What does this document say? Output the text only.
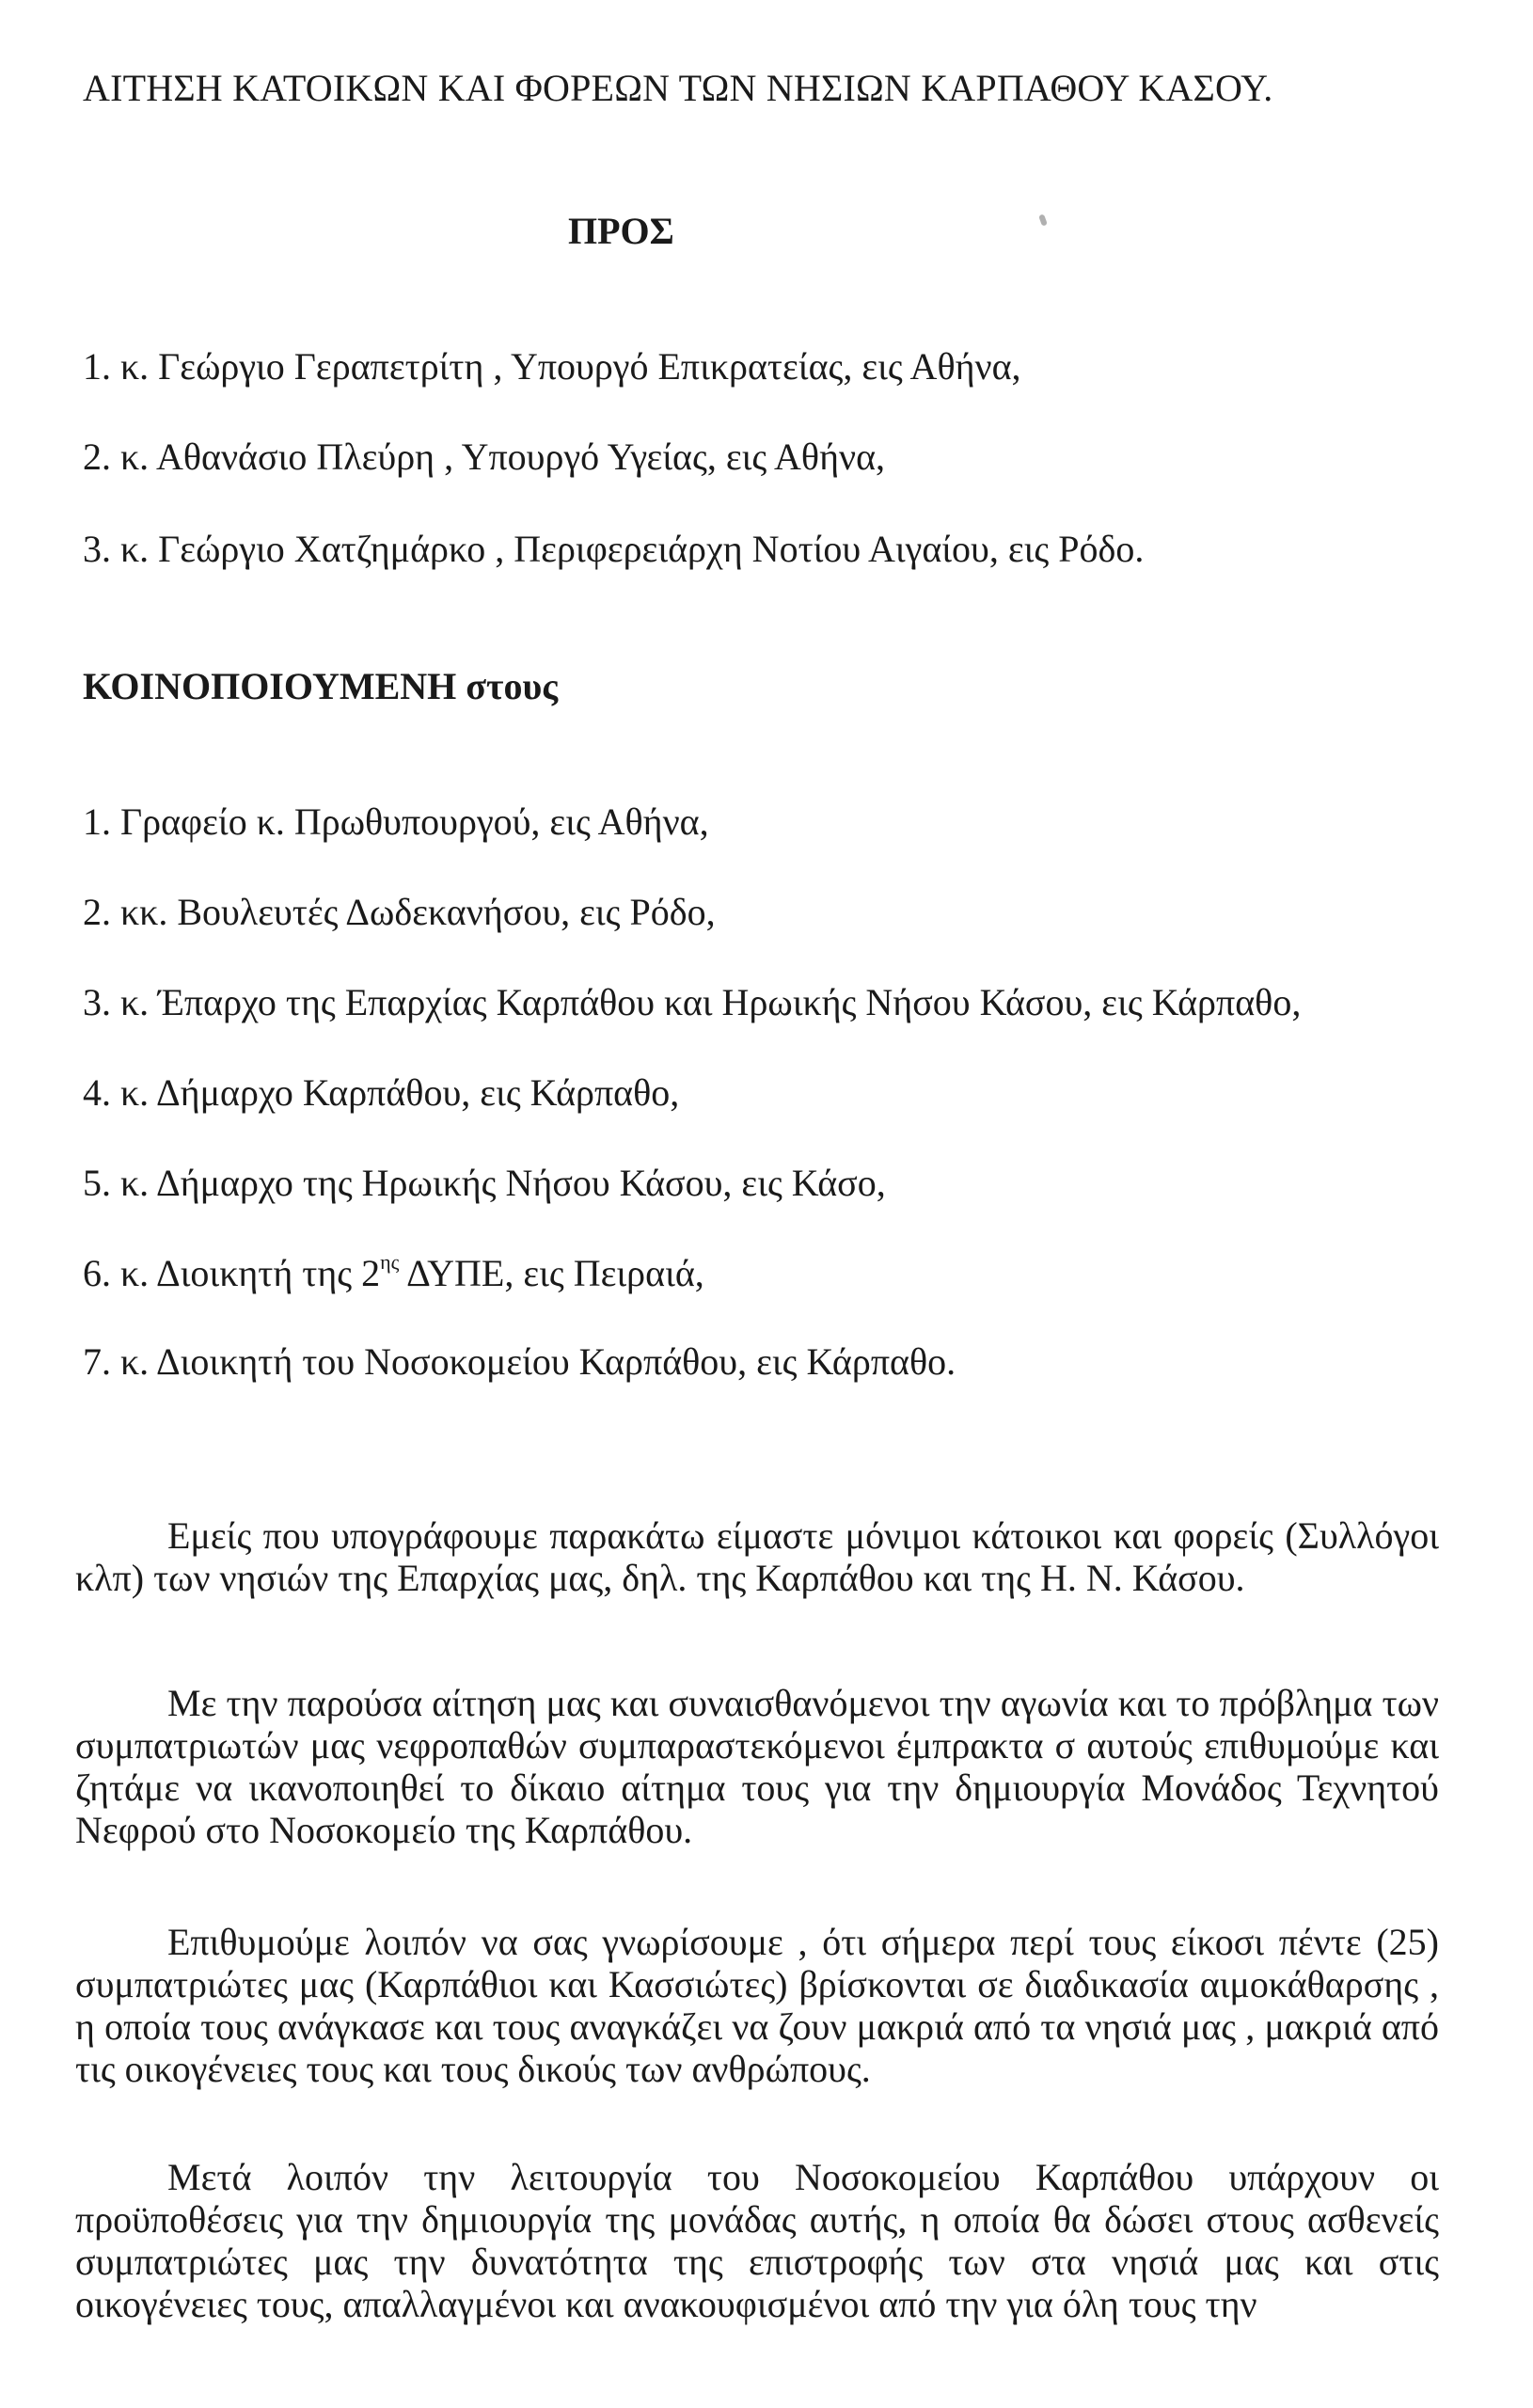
ΑΙΤΗΣΗ ΚΑΤΟΙΚΩΝ ΚΑΙ ΦΟΡΕΩΝ ΤΩΝ ΝΗΣΙΩΝ ΚΑΡΠΑΘΟΥ ΚΑΣΟΥ.
ΠΡΟΣ
1. κ. Γεώργιο Γεραπετρίτη , Υπουργό Επικρατείας, εις Αθήνα,
2. κ. Αθανάσιο Πλεύρη , Υπουργό Υγείας, εις Αθήνα,
3. κ. Γεώργιο Χατζημάρκο , Περιφερειάρχη Νοτίου Αιγαίου, εις Ρόδο.
ΚΟΙΝΟΠΟΙΟΥΜΕΝΗ στους
1. Γραφείο κ. Πρωθυπουργού, εις Αθήνα,
2. κκ. Βουλευτές Δωδεκανήσου, εις Ρόδο,
3. κ. Έπαρχο της Επαρχίας Καρπάθου και Ηρωικής Νήσου Κάσου, εις Κάρπαθο,
4. κ. Δήμαρχο Καρπάθου, εις Κάρπαθο,
5. κ. Δήμαρχο της Ηρωικής Νήσου Κάσου, εις Κάσο,
6. κ. Διοικητή της $2^{\eta\varsigma}$ ΔΥΠΕ, εις Πειραιά,
7. κ. Διοικητή του Νοσοκομείου Καρπάθου, εις Κάρπαθο.

Εμείς που υπογράφουμε παρακάτω είμαστε μόνιμοι κάτοικοι και φορείς (Συλλόγοι κλπ) των νησιών της Επαρχίας μας, δηλ. της Καρπάθου και της Η. Ν. Κάσου.

Με την παρούσα αίτηση μας και συναισθανόμενοι την αγωνία και το πρόβλημα των συμπατριωτών μας νεφροπαθών συμπαραστεκόμενοι έμπρακτα σ αυτούς επιθυμούμε και ζητάμε να ικανοποιηθεί το δίκαιο αίτημα τους για την δημιουργία Μονάδος Τεχνητού Νεφρού στο Νοσοκομείο της Καρπάθου.

Επιθυμούμε λοιπόν να σας γνωρίσουμε , ότι σήμερα περί τους είκοσι πέντε (25) συμπατριώτες μας (Καρπάθιοι και Κασσιώτες) βρίσκονται σε διαδικασία αιμοκάθαρσης , η οποία τους ανάγκασε και τους αναγκάζει να ζουν μακριά από τα νησιά μας , μακριά από τις οικογένειες τους και τους δικούς των ανθρώπους.

Μετά λοιπόν την λειτουργία του Νοσοκομείου Καρπάθου υπάρχουν οι προϋποθέσεις για την δημιουργία της μονάδας αυτής, η οποία θα δώσει στους ασθενείς συμπατριώτες μας την δυνατότητα της επιστροφής των στα νησιά μας και στις οικογένειες τους, απαλλαγμένοι και ανακουφισμένοι από την για όλη τους την
